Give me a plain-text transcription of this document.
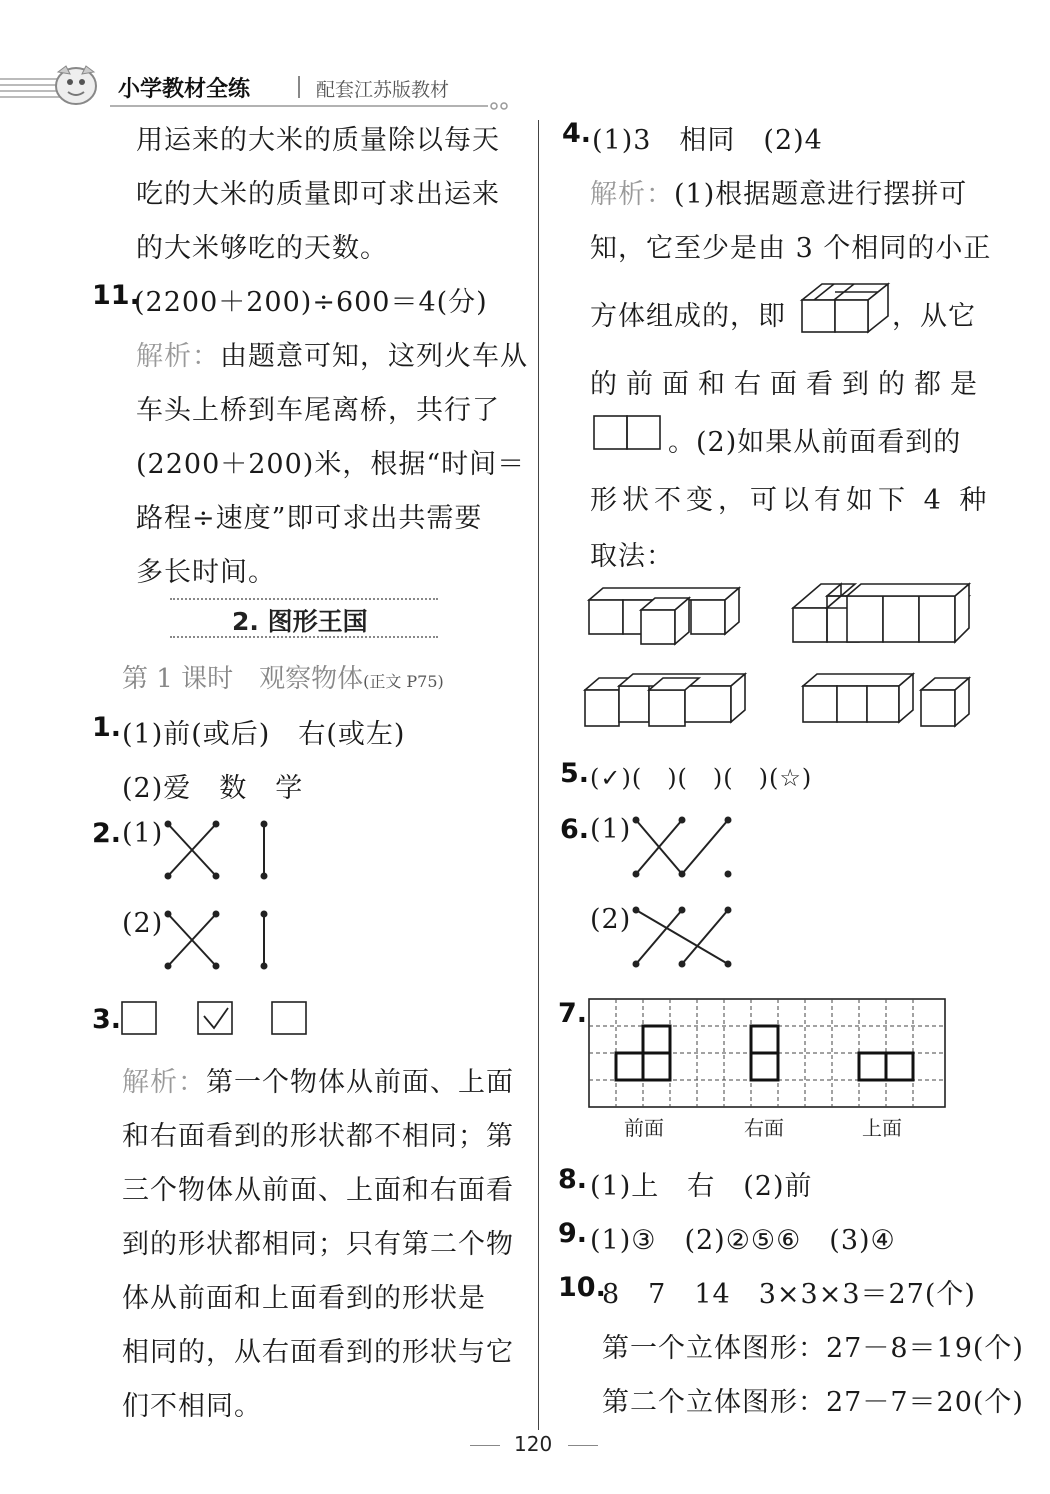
小学教材全练	配套江苏版教材
用运来的大米的质量除以每天
吃的大米的质量即可求出运来
的大米够吃的天数。
11.
(2200＋200)÷600＝4(分)
解析：由题意可知，这列火车从
车头上桥到车尾离桥，共行了
(2200＋200)米，根据“时间＝
路程÷速度”即可求出共需要
多长时间。
2. 图形王国
第 1 课时　观察物体(正文 P75)
1. (1)前(或后)　右(或左)
(2)爱　数　学
2. (1)
(2)
3.
解析：第一个物体从前面、上面
和右面看到的形状都不相同；第
三个物体从前面、上面和右面看
到的形状都相同；只有第二个物
体从前面和上面看到的形状是
相同的，从右面看到的形状与它
们不相同。
4. (1)3　相同　(2)4
解析：(1)根据题意进行摆拼可
知，它至少是由 3 个相同的小正
方体组成的，即	，从它
的前面和右面看到的都是
。(2)如果从前面看到的
形状不变，可以有如下 4 种
取法：
5. (✓)(　)(　)(　)(☆)
6. (1)
(2)
7.
前面	右面	上面
8. (1)上　右　(2)前
9. (1)③　(2)②⑤⑥　(3)④
10.
8　7　14　3×3×3＝27(个)
第一个立体图形：27－8＝19(个)
第二个立体图形：27－7＝20(个)
120
